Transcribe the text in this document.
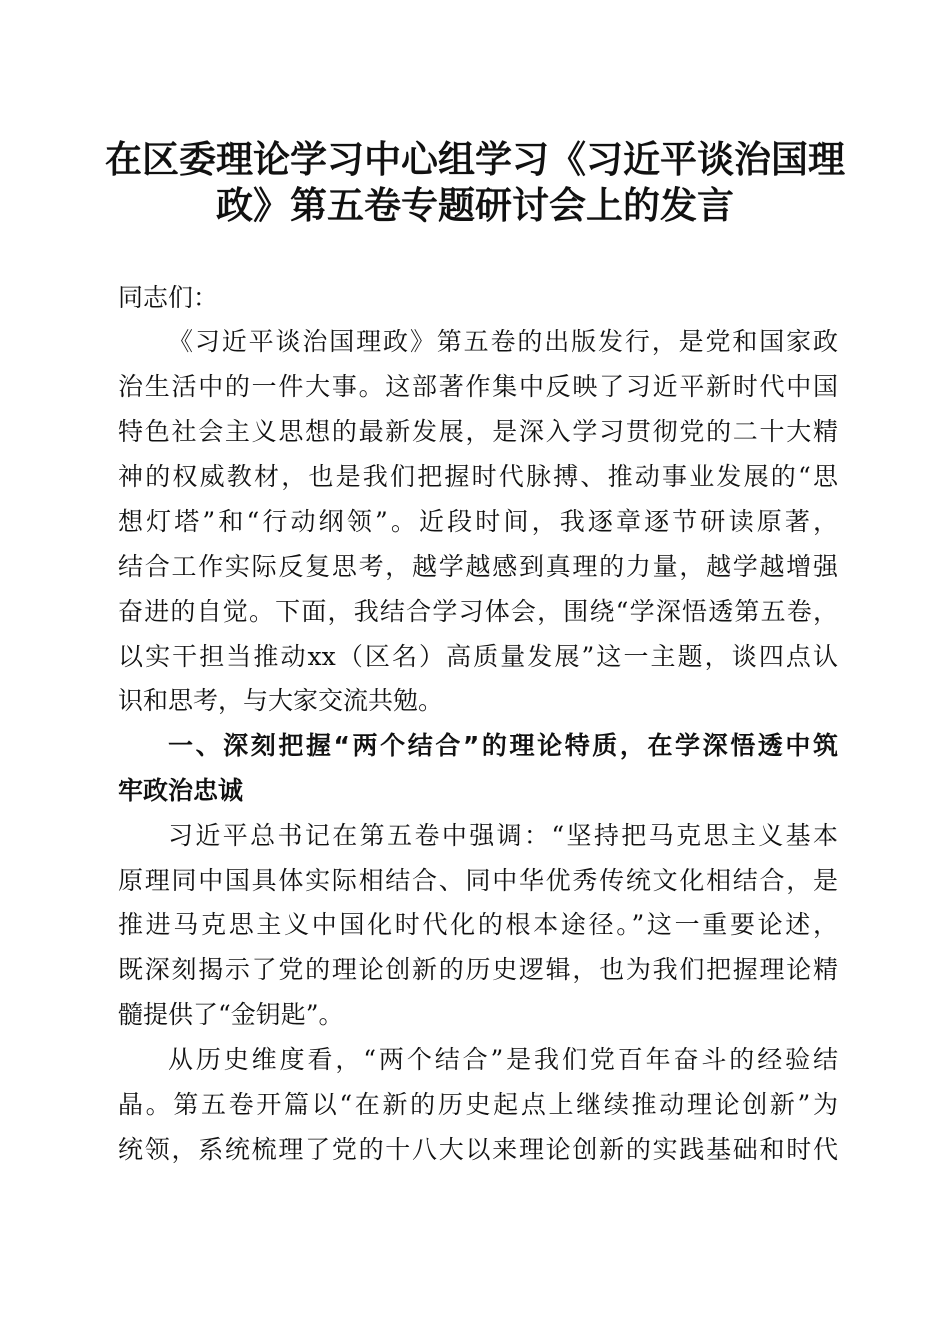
在区委理论学习中心组学习《习近平谈治国理
政》第五卷专题研讨会上的发言
同志们：
《习近平谈治国理政》第五卷的出版发行，是党和国家政
治生活中的一件大事。这部著作集中反映了习近平新时代中国
特色社会主义思想的最新发展，是深入学习贯彻党的二十大精
神的权威教材，也是我们把握时代脉搏、推动事业发展的“思
想灯塔”和“行动纲领”。近段时间，我逐章逐节研读原著，
结合工作实际反复思考，越学越感到真理的力量，越学越增强
奋进的自觉。下面，我结合学习体会，围绕“学深悟透第五卷，
以实干担当推动xx（区名）高质量发展”这一主题，谈四点认
识和思考，与大家交流共勉。
一、深刻把握“两个结合”的理论特质，在学深悟透中筑
牢政治忠诚
习近平总书记在第五卷中强调：“坚持把马克思主义基本
原理同中国具体实际相结合、同中华优秀传统文化相结合，是
推进马克思主义中国化时代化的根本途径。”这一重要论述，
既深刻揭示了党的理论创新的历史逻辑，也为我们把握理论精
髓提供了“金钥匙”。
从历史维度看，“两个结合”是我们党百年奋斗的经验结
晶。第五卷开篇以“在新的历史起点上继续推动理论创新”为
统领，系统梳理了党的十八大以来理论创新的实践基础和时代
